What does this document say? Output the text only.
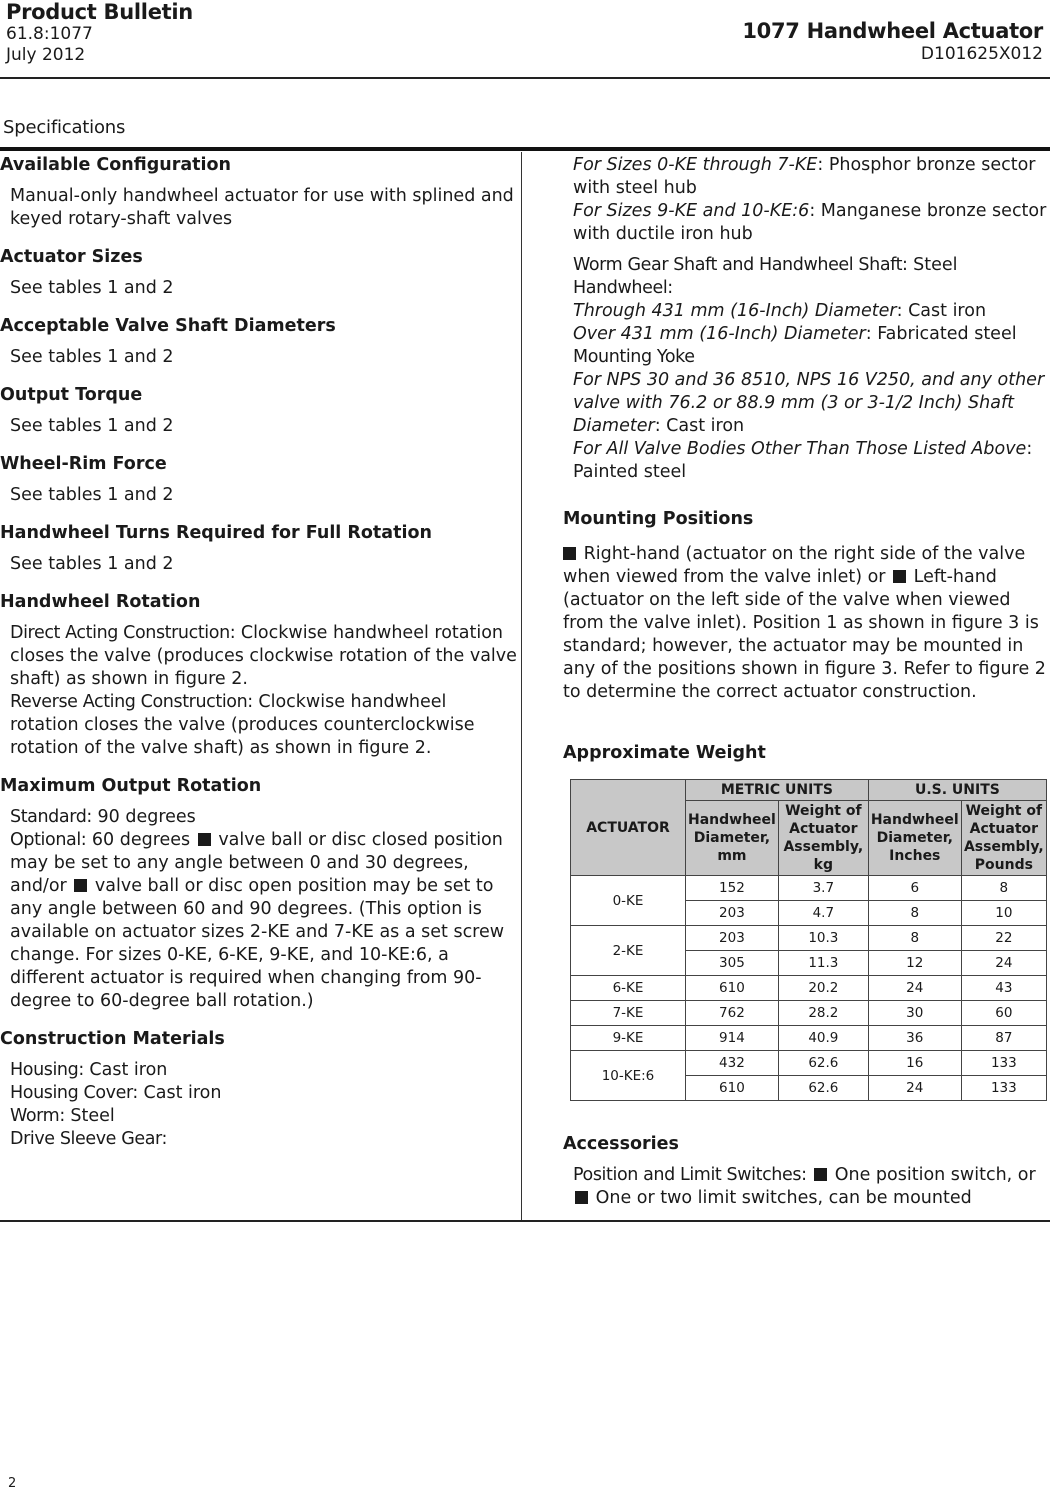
Product Bulletin
61.8:1077
July 2012
1077 Handwheel Actuator
D101625X012
Specifications
Available Configuration
Manual-only handwheel actuator for use with splined and keyed rotary-shaft valves
Actuator Sizes
See tables 1 and 2
Acceptable Valve Shaft Diameters
See tables 1 and 2
Output Torque
See tables 1 and 2
Wheel-Rim Force
See tables 1 and 2
Handwheel Turns Required for Full Rotation
See tables 1 and 2
Handwheel Rotation
Direct Acting Construction: Clockwise handwheel rotation closes the valve (produces clockwise rotation of the valve shaft) as shown in figure 2.
Reverse Acting Construction: Clockwise handwheel rotation closes the valve (produces counterclockwise rotation of the valve shaft) as shown in figure 2.
Maximum Output Rotation
Standard: 90 degrees
Optional: 60 degrees valve ball or disc closed position may be set to any angle between 0 and 30 degrees, and/or valve ball or disc open position may be set to any angle between 60 and 90 degrees. (This option is available on actuator sizes 2-KE and 7-KE as a set screw change. For sizes 0-KE, 6-KE, 9-KE, and 10-KE:6, a different actuator is required when changing from 90-degree to 60-degree ball rotation.)
Construction Materials
Housing: Cast iron
Housing Cover: Cast iron
Worm: Steel
Drive Sleeve Gear:
For Sizes 0-KE through 7-KE: Phosphor bronze sector with steel hub
For Sizes 9-KE and 10-KE:6: Manganese bronze sector with ductile iron hub
Worm Gear Shaft and Handwheel Shaft: Steel
Handwheel:
Through 431 mm (16-Inch) Diameter: Cast iron
Over 431 mm (16-Inch) Diameter: Fabricated steel
Mounting Yoke
For NPS 30 and 36 8510, NPS 16 V250, and any other valve with 76.2 or 88.9 mm (3 or 3-1/2 Inch) Shaft Diameter: Cast iron
For All Valve Bodies Other Than Those Listed Above: Painted steel
Mounting Positions
Right-hand (actuator on the right side of the valve when viewed from the valve inlet) or Left-hand (actuator on the left side of the valve when viewed from the valve inlet). Position 1 as shown in figure 3 is standard; however, the actuator may be mounted in any of the positions shown in figure 3. Refer to figure 2 to determine the correct actuator construction.
Approximate Weight
ACTUATOR	METRIC UNITS		U.S. UNITS	
	Handwheel Diameter, mm	Weight of Actuator Assembly, kg	Handwheel Diameter, Inches	Weight of Actuator Assembly, Pounds
0-KE	152	3.7	6	8
	203	4.7	8	10
2-KE	203	10.3	8	22
	305	11.3	12	24
6-KE	610	20.2	24	43
7-KE	762	28.2	30	60
9-KE	914	40.9	36	87
10-KE:6	432	62.6	16	133
	610	62.6	24	133
Accessories
Position and Limit Switches: One position switch, or  One or two limit switches, can be mounted
2
